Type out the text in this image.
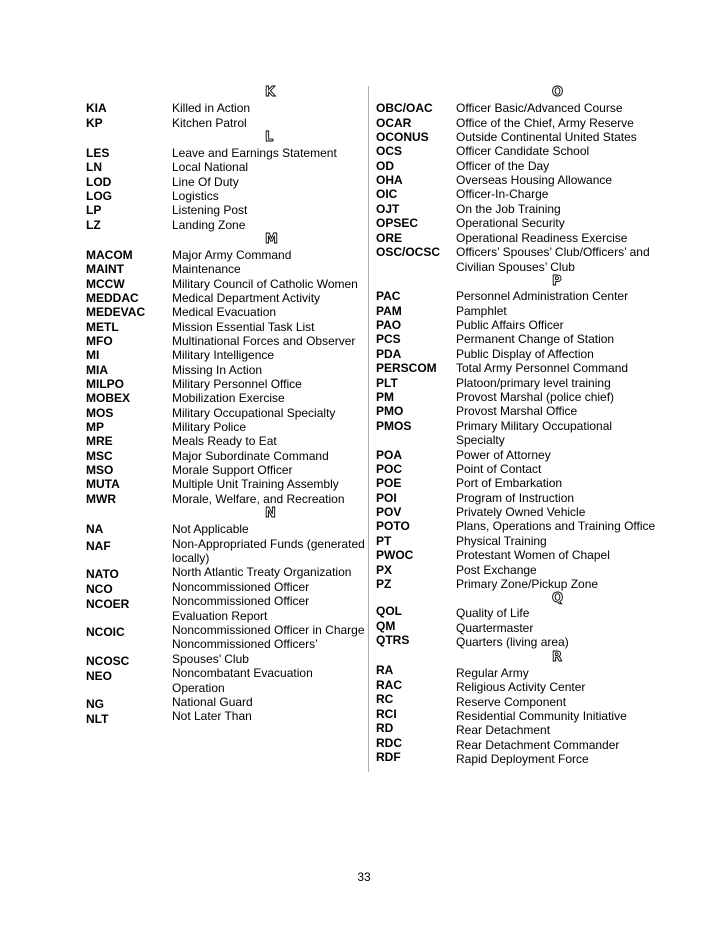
K
KIA	Killed in Action
KP	Kitchen Patrol
L
LES	Leave and Earnings Statement
LN	Local National
LOD	Line Of Duty
LOG	Logistics
LP	Listening Post
LZ	Landing Zone
M
MACOM	Major Army Command
MAINT	Maintenance
MCCW	Military Council of Catholic Women
MEDDAC	Medical Department Activity
MEDEVAC Medical Evacuation
METL	Mission Essential Task List
MFO	Multinational Forces and Observer
MI	Military Intelligence
MIA	Missing In Action
MILPO	Military Personnel Office
MOBEX	Mobilization Exercise
MOS	Military Occupational Specialty
MP	Military Police
MRE	Meals Ready to Eat
MSC	Major Subordinate Command
MSO	Morale Support Officer
MUTA	Multiple Unit Training Assembly
MWR	Morale, Welfare, and Recreation
N
NA	Not Applicable
NAF	Non-Appropriated Funds (generated
locally)
NATO	North Atlantic Treaty Organization
NCO	Noncommissioned Officer
NCOER	Noncommissioned Officer
Evaluation Report
NCOIC	Noncommissioned Officer in Charge
Noncommissioned Officers’
NCOSC	Spouses’ Club
NEO	Noncombatant Evacuation
Operation
NG	National Guard
NLT	Not Later Than
O
OBC/OAC Officer Basic/Advanced Course
OCAR	Office of the Chief, Army Reserve
OCONUS Outside Continental United States
OCS	Officer Candidate School
OD	Officer of the Day
OHA	Overseas Housing Allowance
OIC	Officer-In-Charge
OJT	On the Job Training
OPSEC	Operational Security
ORE	Operational Readiness Exercise
OSC/OCSC Officers’ Spouses’ Club/Officers’ and
Civilian Spouses’ Club
P
PAC	Personnel Administration Center
PAM	Pamphlet
PAO	Public Affairs Officer
PCS	Permanent Change of Station
PDA	Public Display of Affection
PERSCOM Total Army Personnel Command
PLT	Platoon/primary level training
PM	Provost Marshal (police chief)
PMO	Provost Marshal Office
PMOS	Primary Military Occupational
Specialty
POA	Power of Attorney
POC	Point of Contact
POE	Port of Embarkation
POI	Program of Instruction
POV	Privately Owned Vehicle
POTO	Plans, Operations and Training Office
PT	Physical Training
PWOC	Protestant Women of Chapel
PX	Post Exchange
PZ	Primary Zone/Pickup Zone
Q
QOL	Quality of Life
QM	Quartermaster
QTRS	Quarters (living area)
R
RA	Regular Army
RAC	Religious Activity Center
RC	Reserve Component
RCI	Residential Community Initiative
RD	Rear Detachment
RDC	Rear Detachment Commander
RDF	Rapid Deployment Force
33
